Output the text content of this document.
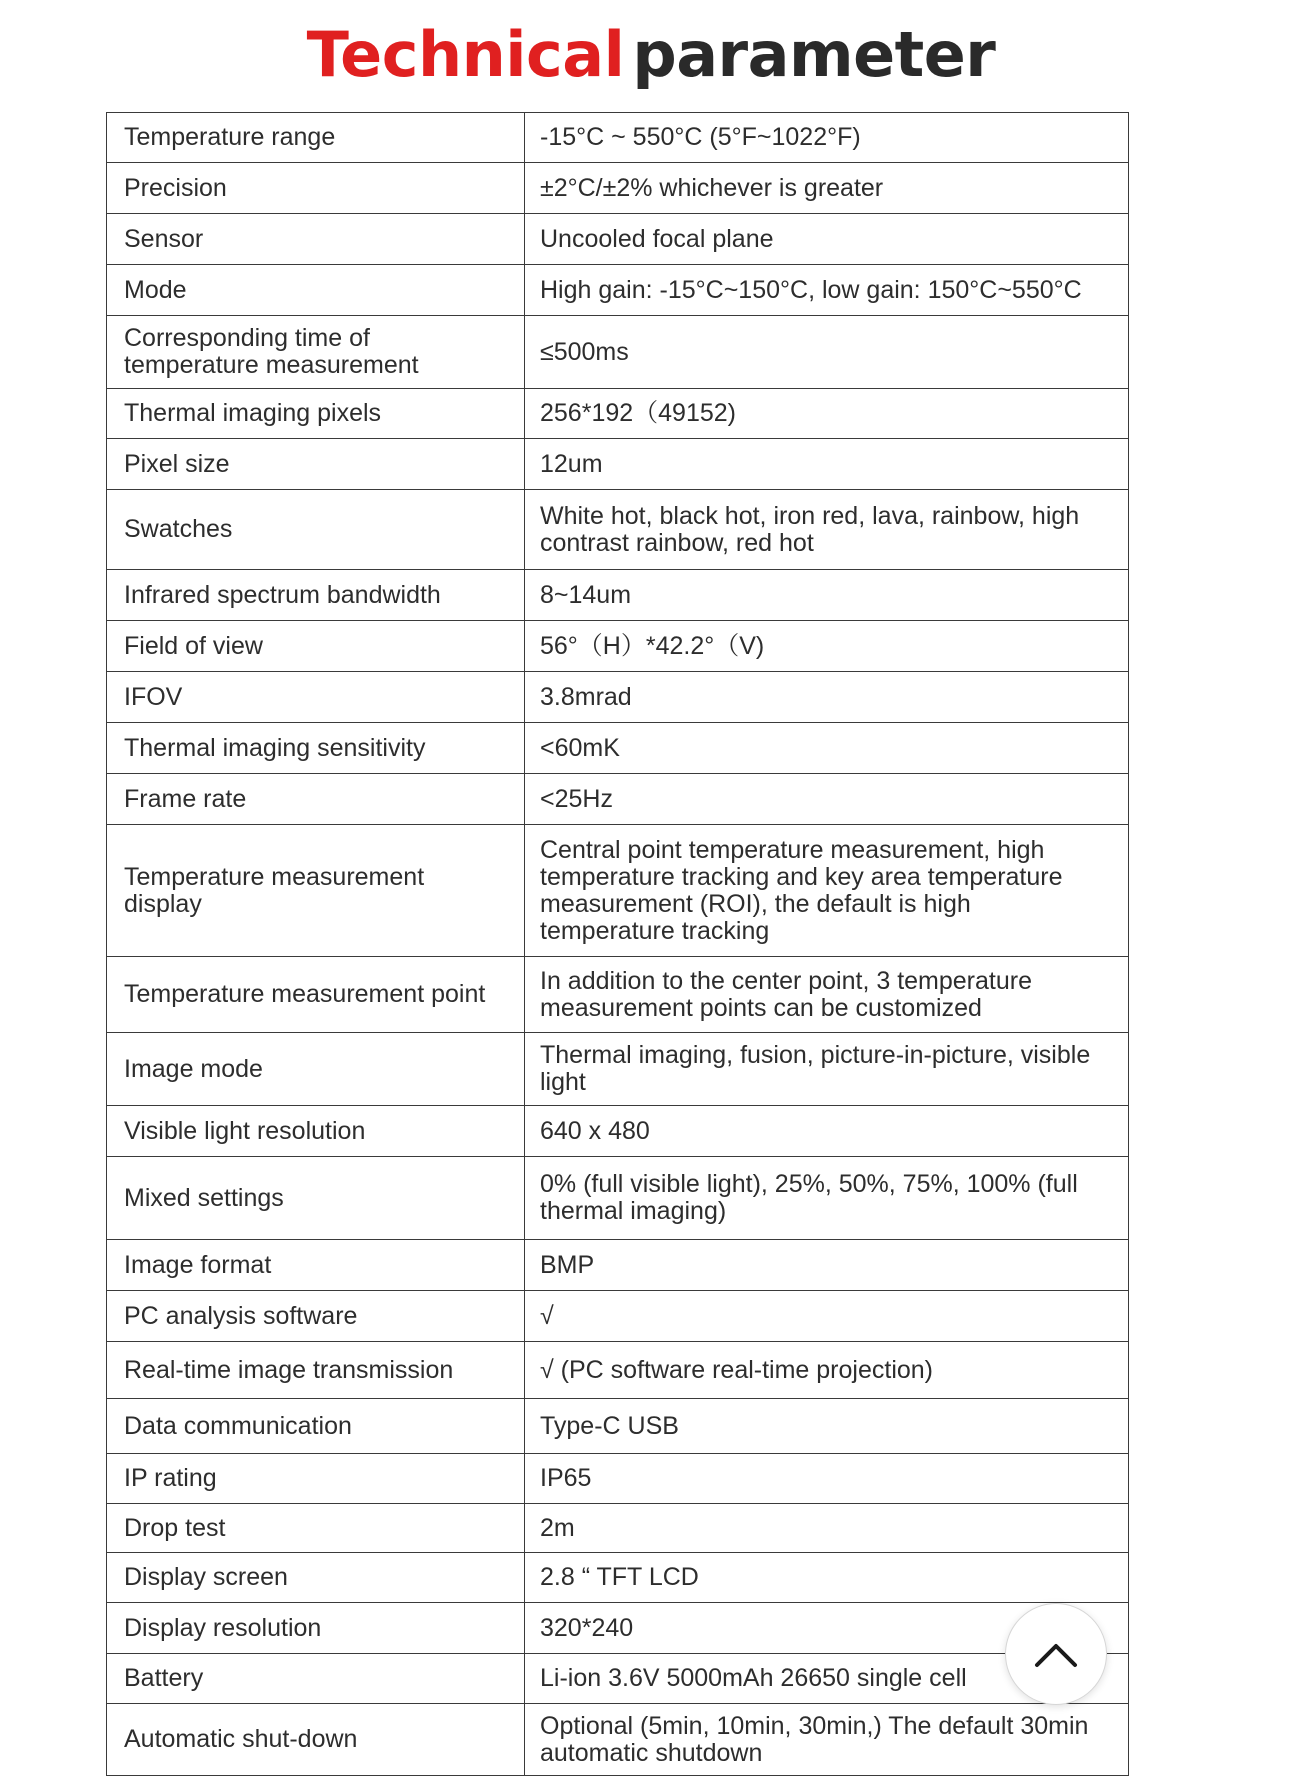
Technical parameter
Temperature range	-15°C ~ 550°C (5°F~1022°F)
Precision	±2°C/±2% whichever is greater
Sensor	Uncooled focal plane
Mode	High gain: -15°C~150°C, low gain: 150°C~550°C
Corresponding time of temperature measurement	≤500ms
Thermal imaging pixels	256*192（49152)
Pixel size	12um
Swatches	White hot, black hot, iron red, lava, rainbow, high contrast rainbow, red hot
Infrared spectrum bandwidth	8~14um
Field of view	56°（H）*42.2°（V)
IFOV	3.8mrad
Thermal imaging sensitivity	<60mK
Frame rate	<25Hz
Temperature measurement display	Central point temperature measurement, high temperature tracking and key area temperature measurement (ROI), the default is high temperature tracking
Temperature measurement point	In addition to the center point, 3 temperature measurement points can be customized
Image mode	Thermal imaging, fusion, picture-in-picture, visible light
Visible light resolution	640 x 480
Mixed settings	0% (full visible light), 25%, 50%, 75%, 100% (full thermal imaging)
Image format	BMP
PC analysis software	√
Real-time image transmission	√ (PC software real-time projection)
Data communication	Type-C USB
IP rating	IP65
Drop test	2m
Display screen	2.8 “ TFT LCD
Display resolution	320*240
Battery	Li-ion 3.6V 5000mAh 26650 single cell
Automatic shut-down	Optional (5min, 10min, 30min,) The default 30min automatic shutdown
